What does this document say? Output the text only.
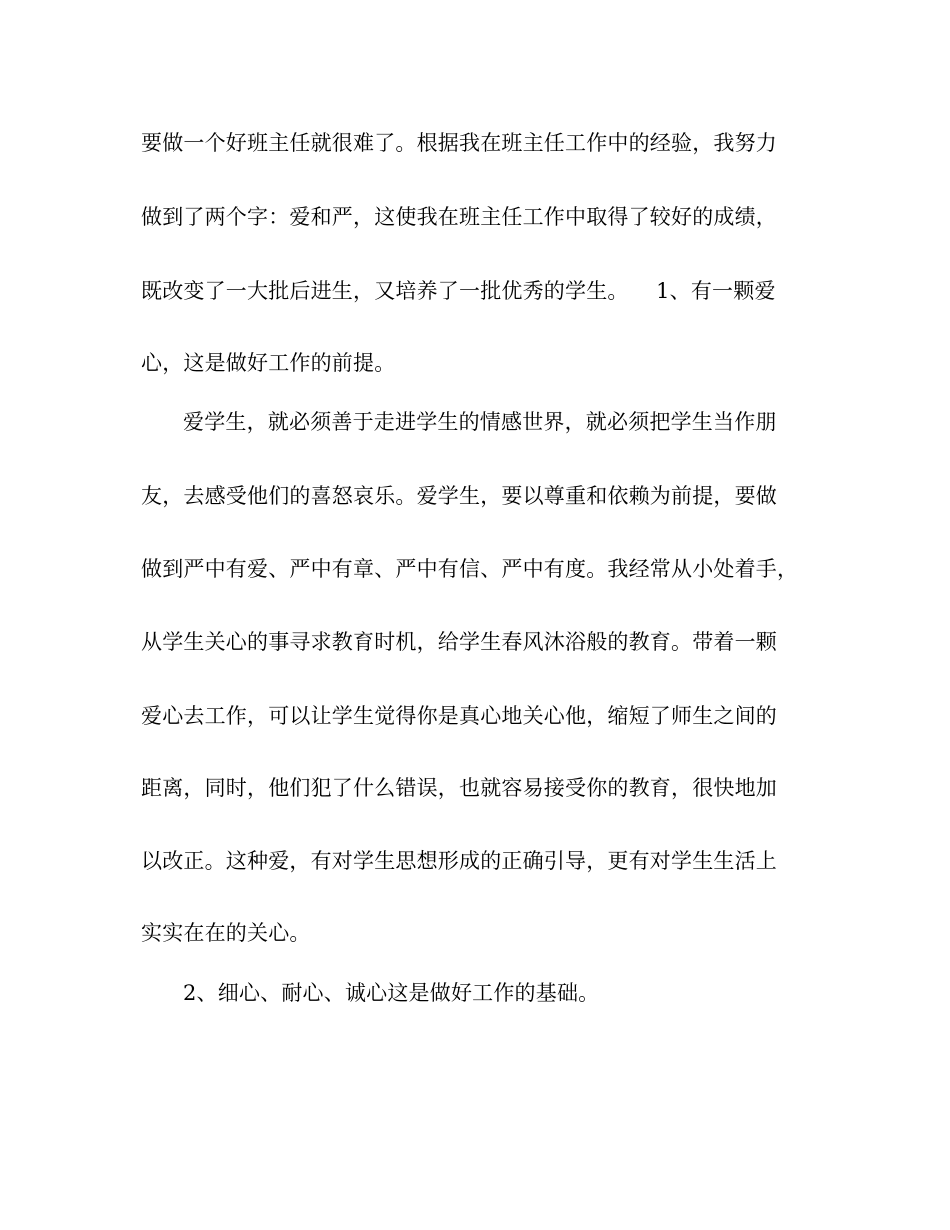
要做一个好班主任就很难了。根据我在班主任工作中的经验，我努力
做到了两个字：爱和严，这使我在班主任工作中取得了较好的成绩，
既改变了一大批后进生，又培养了一批优秀的学生。    1、有一颗爱
心，这是做好工作的前提。
爱学生，就必须善于走进学生的情感世界，就必须把学生当作朋
友，去感受他们的喜怒哀乐。爱学生，要以尊重和依赖为前提，要做
做到严中有爱、严中有章、严中有信、严中有度。我经常从小处着手，
从学生关心的事寻求教育时机，给学生春风沐浴般的教育。带着一颗
爱心去工作，可以让学生觉得你是真心地关心他，缩短了师生之间的
距离，同时，他们犯了什么错误，也就容易接受你的教育，很快地加
以改正。这种爱，有对学生思想形成的正确引导，更有对学生生活上
实实在在的关心。
2、细心、耐心、诚心这是做好工作的基础。
